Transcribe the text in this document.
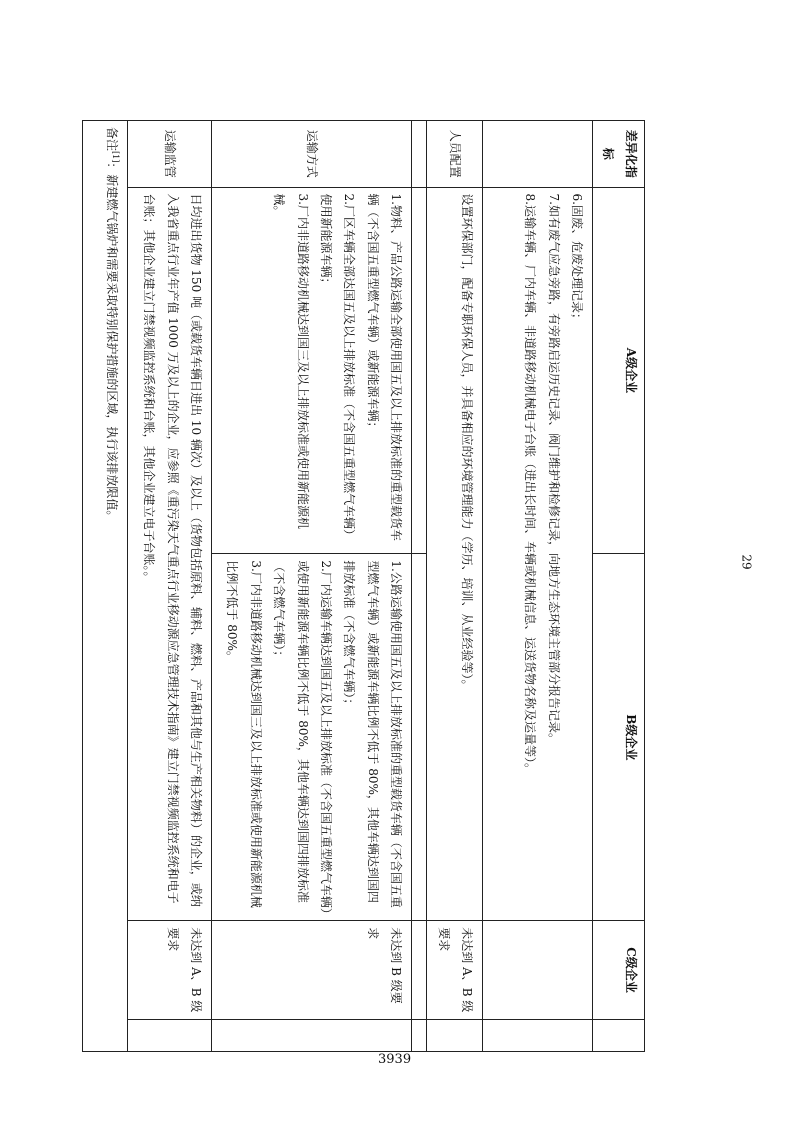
29
3939
差异化指标	A级企业	B级企业	C级企业	

	6.固废、危废处理记录；
7.如有废气应急旁路，有旁路启运历史记录、阀门维护和检修记录，向地方生态环境主管部分报告记录。
8.运输车辆、厂内车辆、非道路移动机械电子台账（进出长时间、车辆或机械信息、运送货物名称及运量等）。			

人员配置	设置环保部门，配备专职环保人员，并具备相应的环境管理能力（学历、培训、从业经验等）。		未达到 A、B 级要求	

运输方式	1.物料、产品公路运输全部使用国五及以上排放标准的重型载货车辆（不含国五重型燃气车辆）或新能源车辆；
2.厂区车辆全部达国五及以上排放标准（不含国五重型燃气车辆）使用新能源车辆；
3.厂内非道路移动机械达到国三及以上排放标准或使用新能源机械。	1.公路运输使用国五及以上排放标准的重型载货车辆（不含国五重型燃气车辆）或新能源车辆比例不低于 80%，其他车辆达到国四排放标准（不含燃气车辆）；
2.厂内运输车辆达到国五及以上排放标准（不含国五重型燃气车辆）或使用新能源车辆比例不低于 80%，其他车辆达到国四排放标准（不含燃气车辆）；
3.厂内非道路移动机械达到国三及以上排放标准或使用新能源机械比例不低于 80%。	未达到 B 级要求	
运输监管	日均进出货物 150 吨（或载货车辆日进出 10 辆次）及以上（货物包括原料、辅料、燃料、产品和其他与生产相关物料）的企业，或纳入我省重点行业年产值 1000 万及以上的企业，应参照《重污染天气重点行业移动源应急管理技术指南》建立门禁视频监控系统和电子台账；其他企业建立门禁视频监控系统和台账，其他企业建立电子台账。。		未达到 A、B 级要求	
备注[1]：新建燃气锅炉和需要采取特别保护措施的区域，执行该排放限值。				
